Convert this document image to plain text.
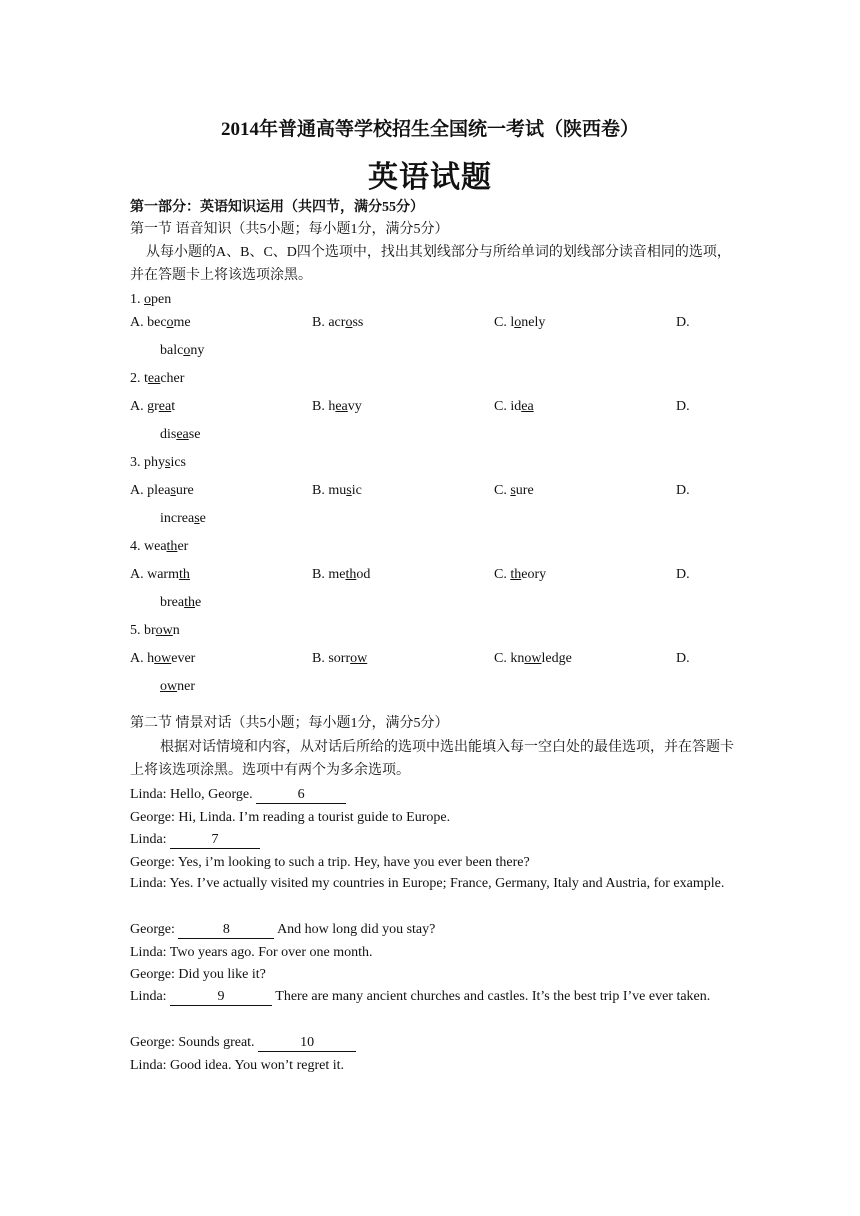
2014年普通高等学校招生全国统一考试（陕西卷）
英语试题
第一部分：英语知识运用（共四节，满分55分）
第一节 语音知识（共5小题；每小题1分，满分5分）
从每小题的A、B、C、D四个选项中，找出其划线部分与所给单词的划线部分读音相同的选项，并在答题卡上将该选项涂黑。
1. open
A. become	B. across	C. lonely	D.
balcony
2. teacher
A. great	B. heavy	C. idea	D.
disease
3. physics
A. pleasure	B. music	C. sure	D.
increase
4. weather
A. warmth	B. method	C. theory	D.
breathe
5. brown
A. however	B. sorrow	C. knowledge	D.
owner
第二节 情景对话（共5小题；每小题1分，满分5分）
根据对话情境和内容，从对话后所给的选项中选出能填入每一空白处的最佳选项，并在答题卡上将该选项涂黑。选项中有两个为多余选项。
Linda: Hello, George.	6
George: Hi, Linda. I’m reading a tourist guide to Europe.
Linda:	7
George: Yes, i’m looking to such a trip. Hey, have you ever been there?
Linda: Yes. I’ve actually visited my countries in Europe; France, Germany, Italy and Austria, for example.
George:	8	And how long did you stay?
Linda: Two years ago. For over one month.
George: Did you like it?
Linda:	9	There are many ancient churches and castles. It’s the best trip I’ve ever taken.
George: Sounds great.	10
Linda: Good idea. You won’t regret it.
